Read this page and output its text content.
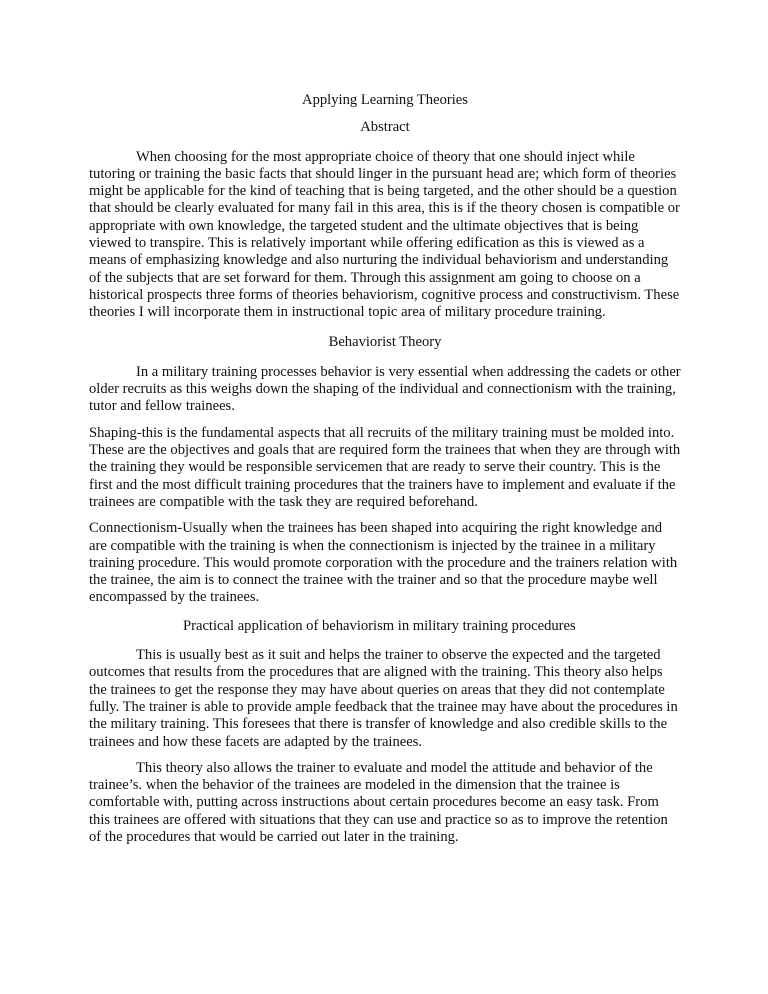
Applying Learning Theories

Abstract

When choosing for the most appropriate choice of theory that one should inject while tutoring or training the basic facts that should linger in the pursuant head are; which form of theories might be applicable for the kind of teaching that is being targeted, and the other should be a question that should be clearly evaluated for many fail in this area, this is if the theory chosen is compatible or appropriate with own knowledge, the targeted student and the ultimate objectives that is being viewed to transpire. This is relatively important while offering edification as this is viewed as a means of emphasizing knowledge and also nurturing the individual behaviorism and understanding of the subjects that are set forward for them. Through this assignment am going to choose on a historical prospects three forms of theories behaviorism, cognitive process and constructivism. These theories I will incorporate them in instructional topic area of military procedure training.

Behaviorist Theory

In a military training processes behavior is very essential when addressing the cadets or other older recruits as this weighs down the shaping of the individual and connectionism with the training, tutor and fellow trainees.

Shaping-this is the fundamental aspects that all recruits of the military training must be molded into. These are the objectives and goals that are required form the trainees that when they are through with the training they would be responsible servicemen that are ready to serve their country. This is the first and the most difficult training procedures that the trainers have to implement and evaluate if the trainees are compatible with the task they are required beforehand.

Connectionism-Usually when the trainees has been shaped into acquiring the right knowledge and are compatible with the training is when the connectionism is injected by the trainee in a military training procedure. This would promote corporation with the procedure and the trainers relation with the trainee, the aim is to connect the trainee with the trainer and so that the procedure maybe well encompassed by the trainees.

Practical application of behaviorism in military training procedures

This is usually best as it suit and helps the trainer to observe the expected and the targeted outcomes that results from the procedures that are aligned with the training. This theory also helps the trainees to get the response they may have about queries on areas that they did not contemplate fully. The trainer is able to provide ample feedback that the trainee may have about the procedures in the military training. This foresees that there is transfer of knowledge and also credible skills to the trainees and how these facets are adapted by the trainees.

This theory also allows the trainer to evaluate and model the attitude and behavior of the trainee’s. when the behavior of the trainees are modeled in the dimension that the trainee is comfortable with, putting across instructions about certain procedures become an easy task. From this trainees are offered with situations that they can use and practice so as to improve the retention of the procedures that would be carried out later in the training.
